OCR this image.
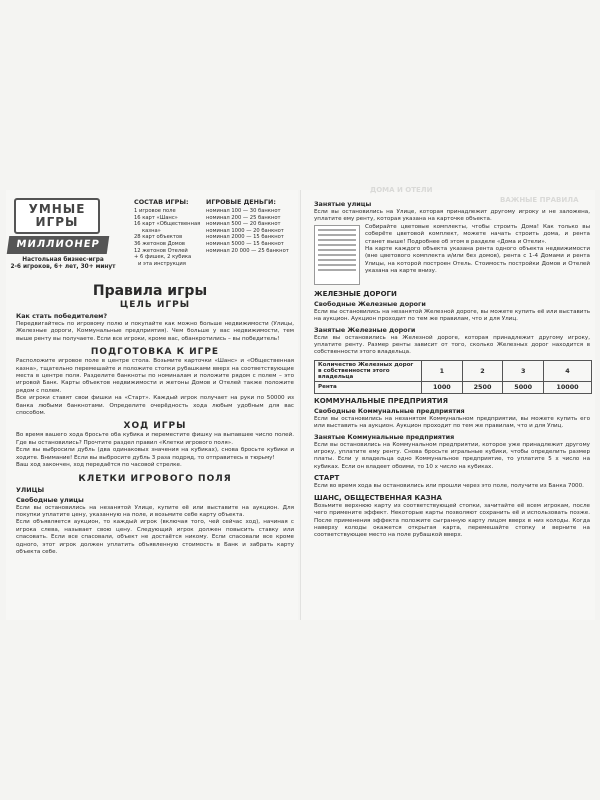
ДОМА И ОТЕЛИ
ВАЖНЫЕ ПРАВИЛА
УМНЫЕ
ИГРЫ
МИЛЛИОНЕР
Настольная бизнес-игра
2-6 игроков, 6+ лет, 30+ минут
СОСТАВ ИГРЫ:
1 игровое поле
16 карт «Шанс»
16 карт «Общественная
казна»
28 карт объектов
36 жетонов Домов
12 жетонов Отелей
+ 6 фишек, 2 кубика
и эта инструкция
ИГРОВЫЕ ДЕНЬГИ:
номинал 100 — 30 банкнот
номинал 200 — 25 банкнот
номинал 500 — 20 банкнот
номинал 1000 — 20 банкнот
номинал 2000 — 15 банкнот
номинал 5000 — 15 банкнот
номинал 20 000 — 25 банкнот
Правила игры
ЦЕЛЬ ИГРЫ
Как стать победителем?

Передвигайтесь по игровому полю и покупайте как можно больше недвижимости (Улицы, Железные дороги, Коммунальные предприятия). Чем больше у вас недвижимости, тем выше ренту вы получаете. Если все игроки, кроме вас, обанкротились – вы победитель!

ПОДГОТОВКА К ИГРЕ

Расположите игровое поле в центре стола. Возьмите карточки «Шанс» и «Общественная казна», тщательно перемешайте и положите стопки рубашками вверх на соответствующие места в центре поля. Разделите банкноты по номиналам и положите рядом с полем – это игровой Банк. Карты объектов недвижимости и жетоны Домов и Отелей также положите рядом с полем.

Все игроки ставят свои фишки на «Старт». Каждый игрок получает на руки по 50000 из банка любыми банкнотами. Определите очерёдность хода любым удобным для вас способом.

ХОД ИГРЫ

Во время вашего хода бросьте оба кубика и переместите фишку на выпавшее число полей. Где вы остановились? Прочтите раздел правил «Клетки игрового поля».

Если вы выбросили дубль (два одинаковых значения на кубиках), снова бросьте кубики и ходите. Внимание! Если вы выбросите дубль 3 раза подряд, то отправитесь в тюрьму!

Ваш ход закончен, ход передаётся по часовой стрелке.

КЛЕТКИ ИГРОВОГО ПОЛЯ
УЛИЦЫ
Свободные улицы

Если вы остановились на незанятой Улице, купите её или выставите на аукцион. Для покупки уплатите цену, указанную на поле, и возьмите себе карту объекта.

Если объявляется аукцион, то каждый игрок (включая того, чей сейчас ход), начиная с игрока слева, называет свою цену. Следующий игрок должен повысить ставку или спасовать. Если все спасовали, объект не достаётся никому. Если спасовали все кроме одного, этот игрок должен уплатить объявленную стоимость в Банк и забрать карту объекта себе.

Занятые улицы

Если вы остановились на Улице, которая принадлежит другому игроку и не заложена, уплатите ему ренту, которая указана на карточке объекта.

Собирайте цветовые комплекты, чтобы строить Дома! Как только вы соберёте цветовой комплект, можете начать строить дома, и рента станет выше! Подробнее об этом в разделе «Дома и Отели».

На карте каждого объекта указана рента одного объекта недвижимости (вне цветового комплекта и/или без домов), рента с 1-4 Домами и рента Улицы, на которой построен Отель. Стоимость постройки Домов и Отелей указана на карте внизу.

ЖЕЛЕЗНЫЕ ДОРОГИ
Свободные Железные дороги

Если вы остановились на незанятой Железной дороге, вы можете купить её или выставить на аукцион. Аукцион проходит по тем же правилам, что и для Улиц.

Занятые Железные дороги

Если вы остановились на Железной дороге, которая принадлежит другому игроку, уплатите ренту. Размер ренты зависит от того, сколько Железных дорог находится в собственности этого владельца.

Количество Железных дорог в собственности этого владельца	1	2	3	4
Рента	1000	2500	5000	10000
КОММУНАЛЬНЫЕ ПРЕДПРИЯТИЯ
Свободные Коммунальные предприятия

Если вы остановились на незанятом Коммунальном предприятии, вы можете купить его или выставить на аукцион. Аукцион проходит по тем же правилам, что и для Улиц.

Занятые Коммунальные предприятия

Если вы остановились на Коммунальном предприятии, которое уже принадлежит другому игроку, уплатите ему ренту. Снова бросьте игральные кубики, чтобы определить размер платы. Если у владельца одно Коммунальное предприятие, то уплатите 5 х число на кубиках. Если он владеет обоими, то 10 х число на кубиках.

СТАРТ

Если во время хода вы остановились или прошли через это поле, получите из Банка 7000.

ШАНС, ОБЩЕСТВЕННАЯ КАЗНА

Возьмите верхнюю карту из соответствующей стопки, зачитайте её всем игрокам, после чего примените эффект. Некоторые карты позволяют сохранить её и использовать позже. После применения эффекта положите сыгранную карту лицом вверх в низ колоды. Когда наверху колоды окажется открытая карта, перемешайте стопку и верните на соответствующее место на поле рубашкой вверх.
